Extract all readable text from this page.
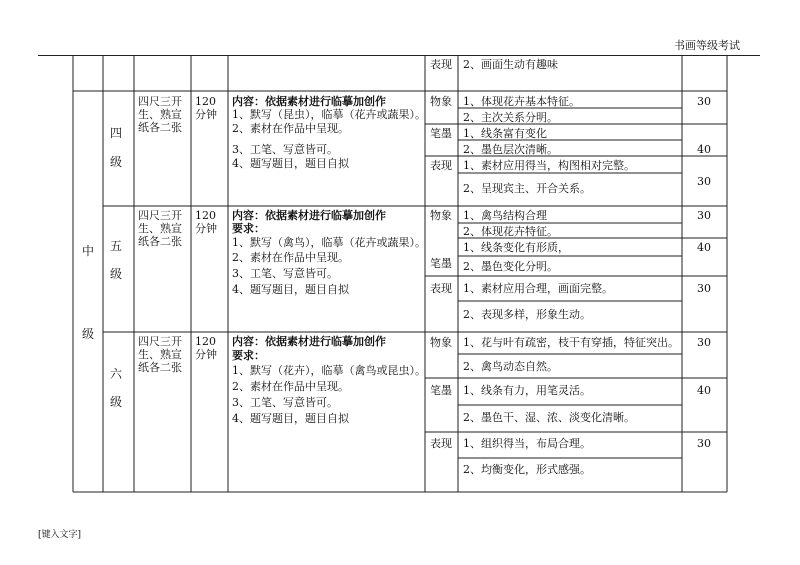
书画等级考试
表现 2、画面生动有趣味
中
级
四
级
四尺三开
生、熟宣
纸各二张
120
分钟
内容：依据素材进行临摹加创作
1、默写（昆虫），临摹（花卉或蔬果）。
2、素材在作品中呈现。
3、工笔、写意皆可。
4、题写题目，题目自拟
物象 1、体现花卉基本特征。
2、主次关系分明。
30
笔墨 1、线条富有变化
2、墨色层次清晰。	40
表现 1、素材应用得当，构图相对完整。
2、呈现宾主、开合关系。
30
五
级
四尺三开
生、熟宣
纸各二张
120
分钟
内容：依据素材进行临摹加创作
要求：
1、默写（禽鸟），临摹（花卉或蔬果）。
2、素材在作品中呈现。
3、工笔、写意皆可。
4、题写题目，题目自拟
物象 1、禽鸟结构合理
2、体现花卉特征。
30
笔墨
1、线条变化有形质，
2、墨色变化分明。
40
表现 1、素材应用合理，画面完整。
2、表现多样，形象生动。
30
六
级
四尺三开
生、熟宣
纸各二张
120
分钟
内容：依据素材进行临摹加创作
要求：
1、默写（花卉），临摹（禽鸟或昆虫）。
2、素材在作品中呈现。
3、工笔、写意皆可。
4、题写题目，题目自拟
物象 1、花与叶有疏密，枝干有穿插，特征突出。
2、禽鸟动态自然。
30
笔墨 1、线条有力，用笔灵活。
2、墨色干、湿、浓、淡变化清晰。
40
表现 1、组织得当，布局合理。
2、均衡变化，形式感强。
30
[键入文字]
